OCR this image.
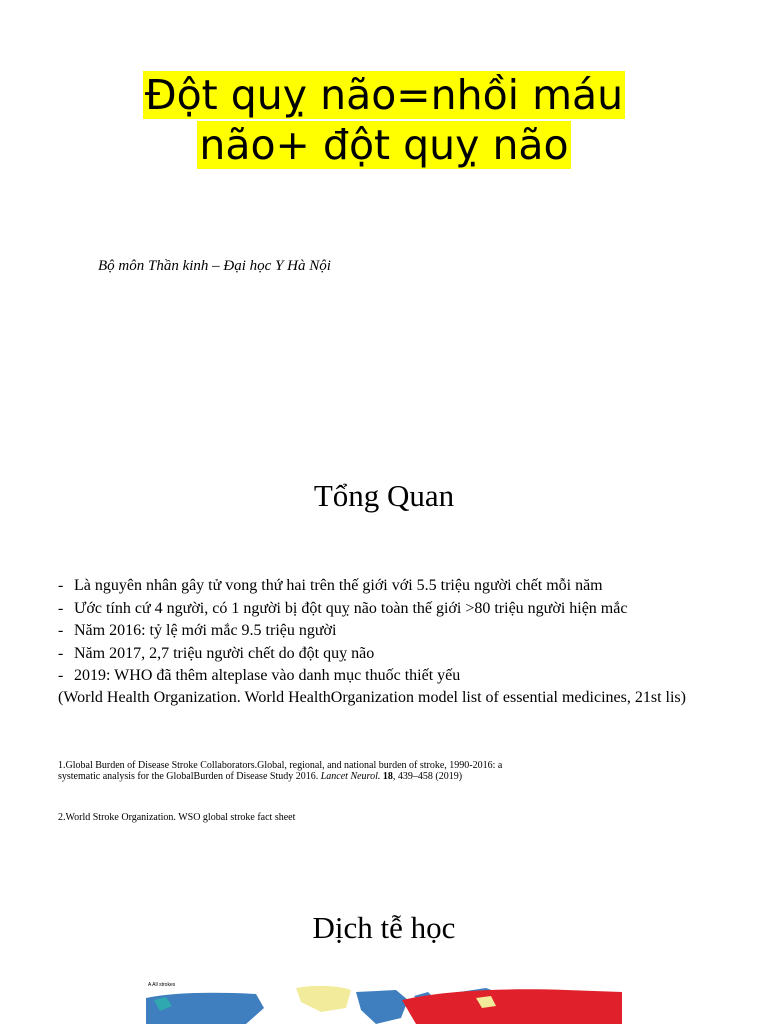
Đột quỵ não=nhồi máu
não+ đột quỵ não
Bộ môn Thần kinh – Đại học Y Hà Nội
Tổng Quan
- Là nguyên nhân gây tử vong thứ hai trên thế giới với 5.5 triệu người chết mỗi năm
- Ước tính cứ 4 người, có 1 người bị đột quỵ não toàn thế giới >80 triệu người hiện mắc
- Năm 2016: tỷ lệ mới mắc 9.5 triệu người
- Năm 2017, 2,7 triệu người chết do đột quỵ não
- 2019: WHO đã thêm alteplase vào danh mục thuốc thiết yếu
(World Health Organization. World HealthOrganization model list of essential medicines, 21st lis)
1.Global Burden of Disease Stroke Collaborators.Global, regional, and national burden of stroke, 1990-2016: a systematic analysis for the GlobalBurden of Disease Study 2016. Lancet Neurol. 18, 439–458 (2019)
2.World Stroke Organization. WSO global stroke fact sheet
Dịch tễ học
A All strokes
